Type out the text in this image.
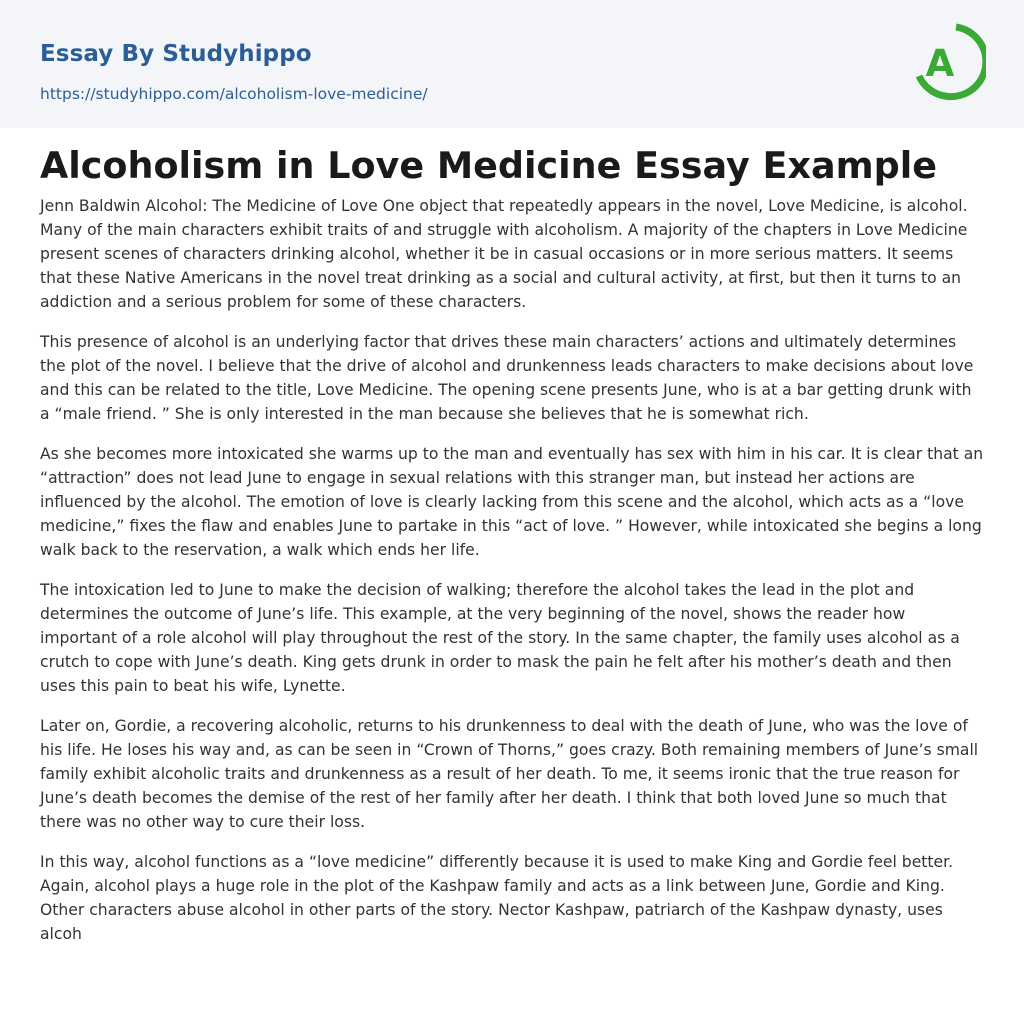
Essay By Studyhippo
https://studyhippo.com/alcoholism-love-medicine/
A
Alcoholism in Love Medicine Essay Example

Jenn Baldwin Alcohol: The Medicine of Love One object that repeatedly appears in the novel, Love Medicine, is alcohol. Many of the main characters exhibit traits of and struggle with alcoholism. A majority of the chapters in Love Medicine present scenes of characters drinking alcohol, whether it be in casual occasions or in more serious matters. It seems that these Native Americans in the novel treat drinking as a social and cultural activity, at first, but then it turns to an addiction and a serious problem for some of these characters.

This presence of alcohol is an underlying factor that drives these main characters’ actions and ultimately determines the plot of the novel. I believe that the drive of alcohol and drunkenness leads characters to make decisions about love and this can be related to the title, Love Medicine. The opening scene presents June, who is at a bar getting drunk with a “male friend. ” She is only interested in the man because she believes that he is somewhat rich.

As she becomes more intoxicated she warms up to the man and eventually has sex with him in his car. It is clear that an “attraction” does not lead June to engage in sexual relations with this stranger man, but instead her actions are influenced by the alcohol. The emotion of love is clearly lacking from this scene and the alcohol, which acts as a “love medicine,” fixes the flaw and enables June to partake in this “act of love. ” However, while intoxicated she begins a long walk back to the reservation, a walk which ends her life.

The intoxication led to June to make the decision of walking; therefore the alcohol takes the lead in the plot and determines the outcome of June’s life. This example, at the very beginning of the novel, shows the reader how important of a role alcohol will play throughout the rest of the story. In the same chapter, the family uses alcohol as a crutch to cope with June’s death. King gets drunk in order to mask the pain he felt after his mother’s death and then uses this pain to beat his wife, Lynette.

Later on, Gordie, a recovering alcoholic, returns to his drunkenness to deal with the death of June, who was the love of his life. He loses his way and, as can be seen in “Crown of Thorns,” goes crazy. Both remaining members of June’s small family exhibit alcoholic traits and drunkenness as a result of her death. To me, it seems ironic that the true reason for June’s death becomes the demise of the rest of her family after her death. I think that both loved June so much that there was no other way to cure their loss.

In this way, alcohol functions as a “love medicine” differently because it is used to make King and Gordie feel better. Again, alcohol plays a huge role in the plot of the Kashpaw family and acts as a link between June, Gordie and King. Other characters abuse alcohol in other parts of the story. Nector Kashpaw, patriarch of the Kashpaw dynasty, uses alcoh
